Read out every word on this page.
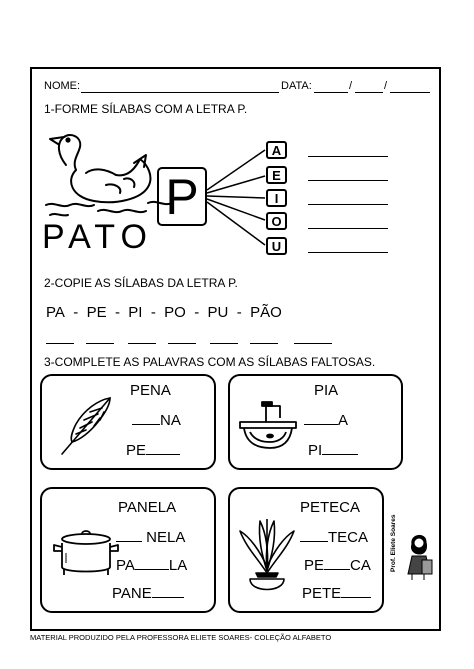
NOME:	DATA:	/	/
1-FORME SÍLABAS COM A LETRA P.
PATO
P
A
E
I
O
U
2-COPIE AS SÍLABAS DA LETRA P.
PA - PE - PI - PO - PU - PÃO
3-COMPLETE AS PALAVRAS COM AS SÍLABAS FALTOSAS.
PENA
NA
PE
PIA
A
PI
PANELA
NELA
PA LA
PANE
PETECA
TECA
PE CA
PETE
Prof. Eliete Soares
MATERIAL PRODUZIDO PELA PROFESSORA ELIETE SOARES- COLEÇÃO ALFABETO
